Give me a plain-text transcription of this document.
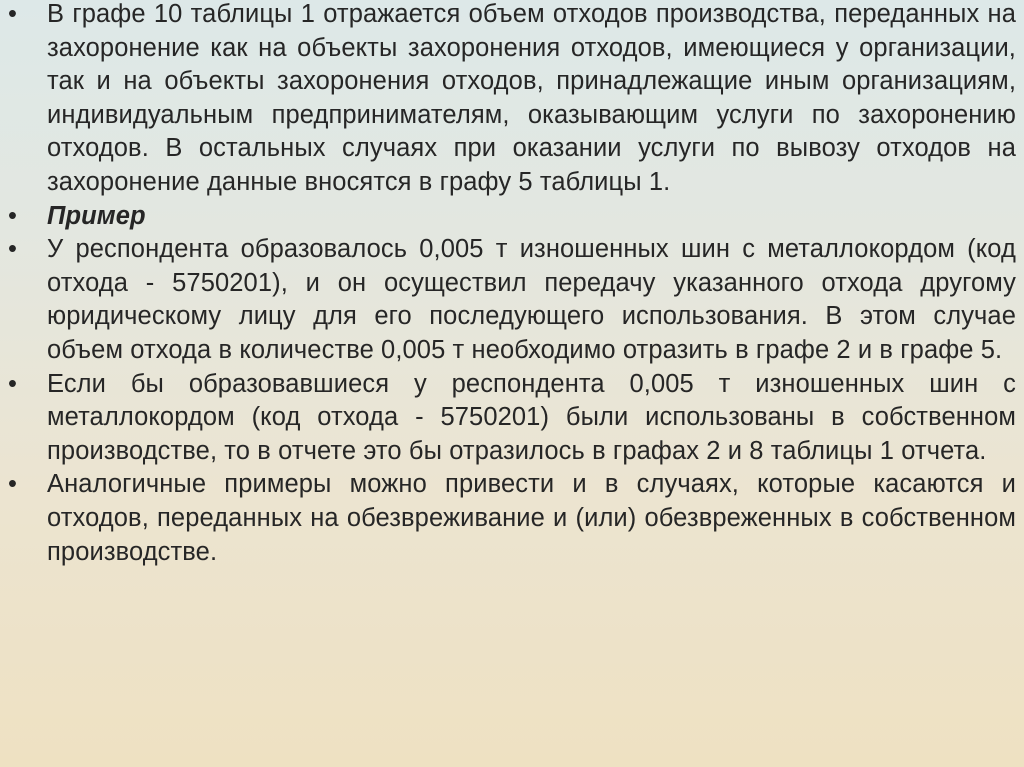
•	В графе 10 таблицы 1 отражается объем отходов производства, переданных на захоронение как на объекты захоронения отходов, имеющиеся у организации, так и на объекты захоронения отходов, принадлежащие иным организациям, индивидуальным предпринимателям, оказывающим услуги по захоронению отходов. В остальных случаях при оказании услуги по вывозу отходов на захоронение данные вносятся в графу 5 таблицы 1.
•	Пример
•	У респондента образовалось 0,005 т изношенных шин с металлокордом (код отхода - 5750201), и он осуществил передачу указанного отхода другому юридическому лицу для его последующего использования. В этом случае объем отхода в количестве 0,005 т необходимо отразить в графе 2 и в графе 5.
•	Если бы образовавшиеся у респондента 0,005 т изношенных шин с металлокордом (код отхода - 5750201) были использованы в собственном производстве, то в отчете это бы отразилось в графах 2 и 8 таблицы 1 отчета.
•	Аналогичные примеры можно привести и в случаях, которые касаются и отходов, переданных на обезвреживание и (или) обезвреженных в собственном производстве.
